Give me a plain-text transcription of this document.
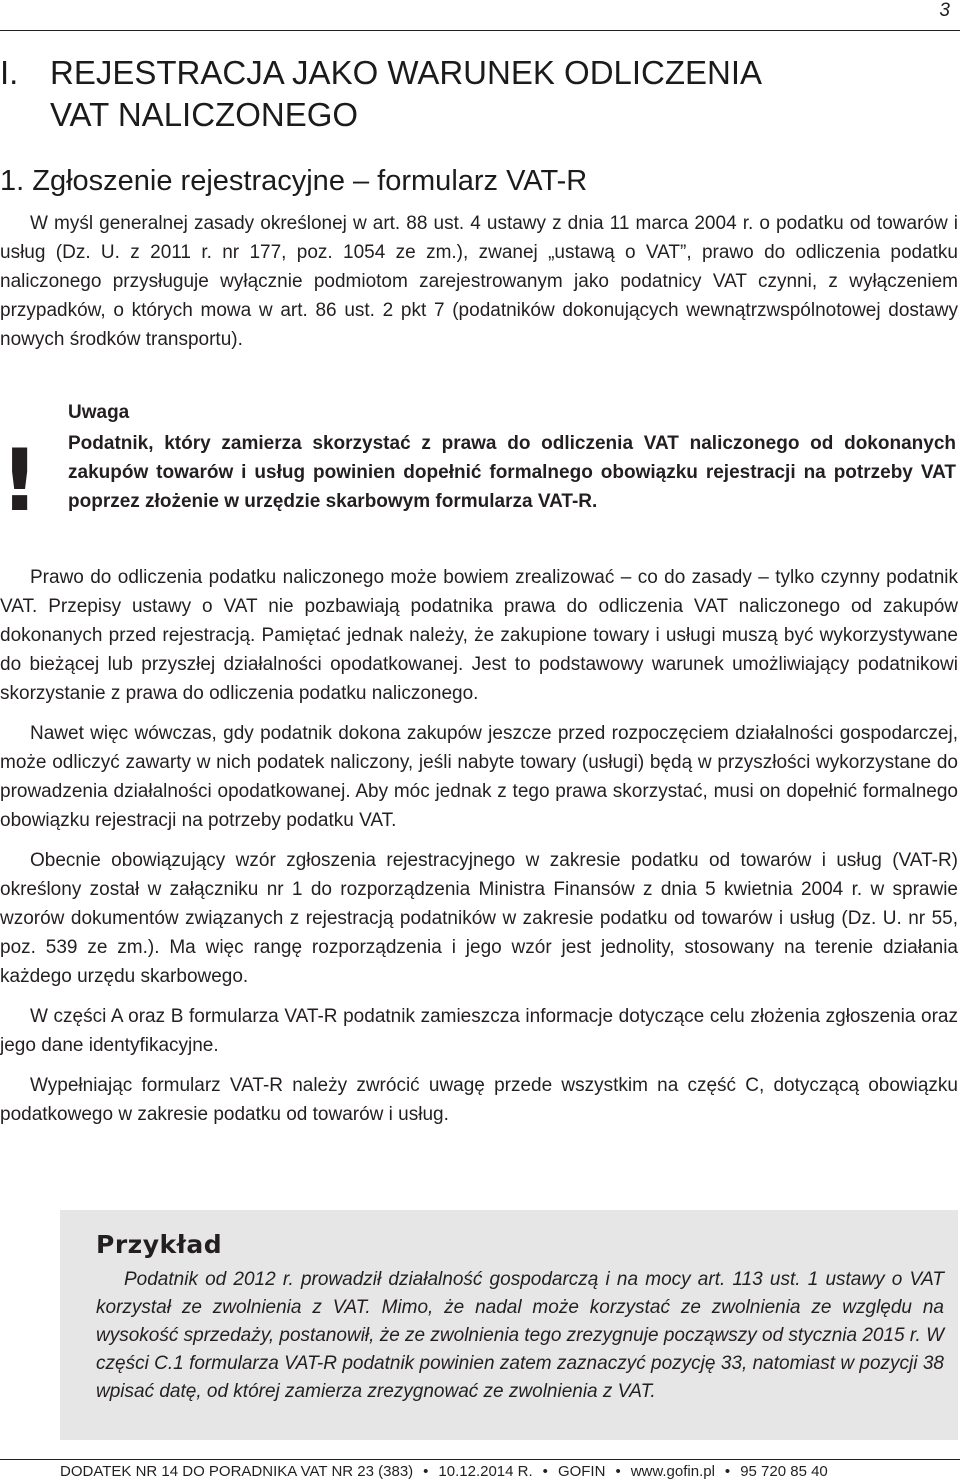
3
I. REJESTRACJA JAKO WARUNEK ODLICZENIA
VAT NALICZONEGO
1. Zgłoszenie rejestracyjne – formularz VAT-R

W myśl generalnej zasady określonej w art. 88 ust. 4 ustawy z dnia 11 marca 2004 r. o podatku od towarów i usług (Dz. U. z 2011 r. nr 177, poz. 1054 ze zm.), zwanej „ustawą o VAT”, prawo do odliczenia podatku naliczonego przysługuje wyłącznie podmiotom zarejestrowanym jako podatnicy VAT czynni, z wyłączeniem przypadków, o których mowa w art. 86 ust. 2 pkt 7 (podatników dokonujących wewnątrzwspólnotowej dostawy nowych środków transportu).

!
Uwaga
Podatnik, który zamierza skorzystać z prawa do odliczenia VAT naliczonego od dokonanych zakupów towarów i usług powinien dopełnić formalnego obowiązku rejestracji na potrzeby VAT poprzez złożenie w urzędzie skarbowym formularza VAT-R.

Prawo do odliczenia podatku naliczonego może bowiem zrealizować – co do zasady – tylko czynny podatnik VAT. Przepisy ustawy o VAT nie pozbawiają podatnika prawa do odliczenia VAT naliczonego od zakupów dokonanych przed rejestracją. Pamiętać jednak należy, że zakupione towary i usługi muszą być wykorzystywane do bieżącej lub przyszłej działalności opodatkowanej. Jest to podstawowy warunek umożliwiający podatnikowi skorzystanie z prawa do odliczenia podatku naliczonego.

Nawet więc wówczas, gdy podatnik dokona zakupów jeszcze przed rozpoczęciem działalności gospodarczej, może odliczyć zawarty w nich podatek naliczony, jeśli nabyte towary (usługi) będą w przyszłości wykorzystane do prowadzenia działalności opodatkowanej. Aby móc jednak z tego prawa skorzystać, musi on dopełnić formalnego obowiązku rejestracji na potrzeby podatku VAT.

Obecnie obowiązujący wzór zgłoszenia rejestracyjnego w zakresie podatku od towarów i usług (VAT-R) określony został w załączniku nr 1 do rozporządzenia Ministra Finansów z dnia 5 kwietnia 2004 r. w sprawie wzorów dokumentów związanych z rejestracją podatników w zakresie podatku od towarów i usług (Dz. U. nr 55, poz. 539 ze zm.). Ma więc rangę rozporządzenia i jego wzór jest jednolity, stosowany na terenie działania każdego urzędu skarbowego.

W części A oraz B formularza VAT-R podatnik zamieszcza informacje dotyczące celu złożenia zgłoszenia oraz jego dane identyfikacyjne.

Wypełniając formularz VAT-R należy zwrócić uwagę przede wszystkim na część C, dotyczącą obowiązku podatkowego w zakresie podatku od towarów i usług.

Przykład

Podatnik od 2012 r. prowadził działalność gospodarczą i na mocy art. 113 ust. 1 ustawy o VAT korzystał ze zwolnienia z VAT. Mimo, że nadal może korzystać ze zwolnienia ze względu na wysokość sprzedaży, postanowił, że ze zwolnienia tego zrezygnuje począwszy od stycznia 2015 r. W części C.1 formularza VAT-R podatnik powinien zatem zaznaczyć pozycję 33, natomiast w pozycji 38 wpisać datę, od której zamierza zrezygnować ze zwolnienia z VAT.

DODATEK NR 14 DO PORADNIKA VAT NR 23 (383) • 10.12.2014 R. • GOFIN • www.gofin.pl • 95 720 85 40
